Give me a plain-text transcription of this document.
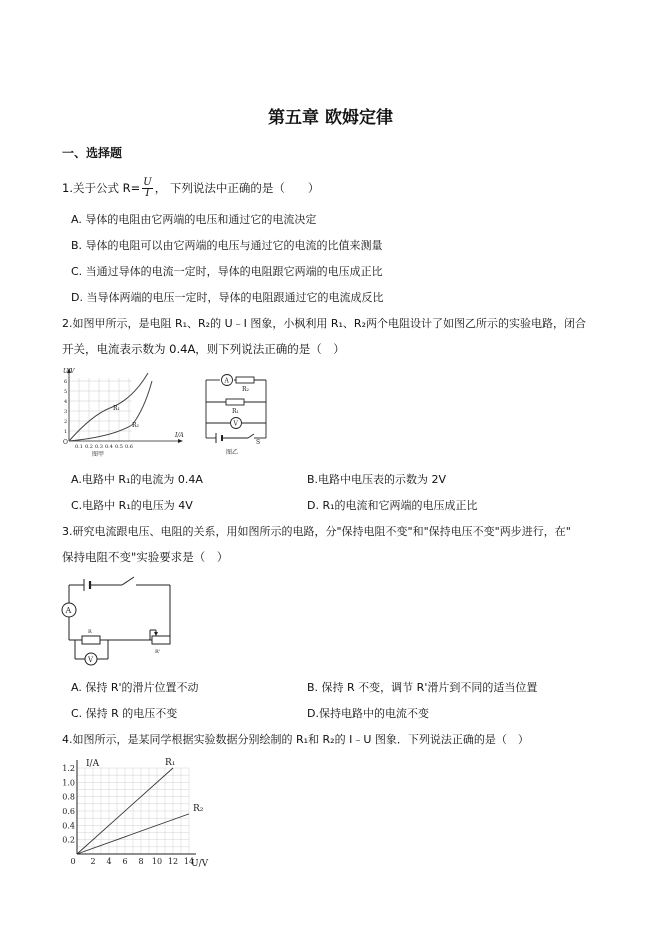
第五章 欧姆定律
一、选择题
1.关于公式 $R= \frac{U}{I}$ ， 下列说法中正确的是（　　）
A. 导体的电阻由它两端的电压和通过它的电流决定
B. 导体的电阻可以由它两端的电压与通过它的电流的比值来测量
C. 当通过导体的电流一定时，导体的电阻跟它两端的电压成正比
D. 当导体两端的电压一定时，导体的电阻跟通过它的电流成反比
2.如图甲所示，是电阻 R₁、R₂的 U﹣I 图象，小枫利用 R₁、R₂两个电阻设计了如图乙所示的实验电路，闭合
开关，电流表示数为 0.4A，则下列说法正确的是（　）
U/V
I/A
O
1
2
3
4
5
6
0.1 0.2 0.3 0.4 0.5 0.6
R₁
R₂
图甲
A
V
R₂
R₁
S
图乙
A.电路中 R₁的电流为 0.4A	B.电路中电压表的示数为 2V
C.电路中 R₁的电压为 4V	D. R₁的电流和它两端的电压成正比
3.研究电流跟电压、电阻的关系，用如图所示的电路，分"保持电阻不变"和"保持电压不变"两步进行，在"
保持电阻不变"实验要求是（　）
A
V
R
R'
A. 保持 R'的滑片位置不动	B. 保持 R 不变，调节 R'滑片到不同的适当位置
C. 保持 R 的电压不变	D.保持电路中的电流不变
4.如图所示，是某同学根据实验数据分别绘制的 R₁和 R₂的 I﹣U 图象．下列说法正确的是（　）
2 4 6 8 10 12 14
0.2
0.4
0.6
0.8
1.0
1.2
0
I/A
U/V
R₁
R₂
